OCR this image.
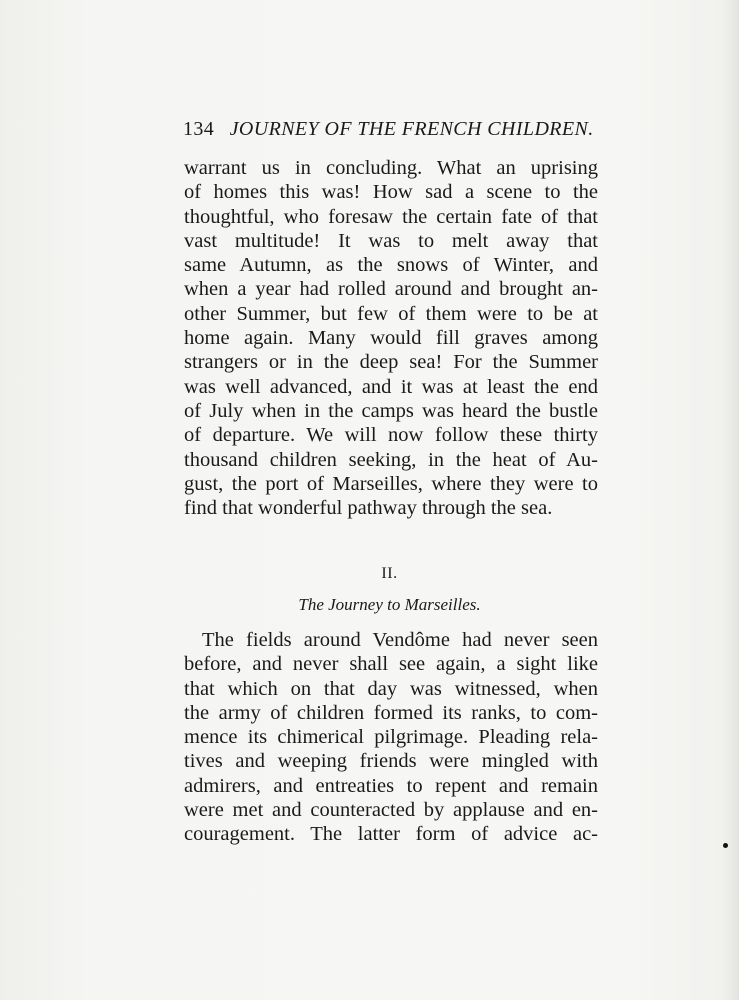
134 JOURNEY OF THE FRENCH CHILDREN.
warrant us in concluding. What an uprising
of homes this was! How sad a scene to the
thoughtful, who foresaw the certain fate of that
vast multitude! It was to melt away that
same Autumn, as the snows of Winter, and
when a year had rolled around and brought an-
other Summer, but few of them were to be at
home again. Many would fill graves among
strangers or in the deep sea! For the Summer
was well advanced, and it was at least the end
of July when in the camps was heard the bustle
of departure. We will now follow these thirty
thousand children seeking, in the heat of Au-
gust, the port of Marseilles, where they were to
find that wonderful pathway through the sea.
II.
The Journey to Marseilles.
The fields around Vendôme had never seen
before, and never shall see again, a sight like
that which on that day was witnessed, when
the army of children formed its ranks, to com-
mence its chimerical pilgrimage. Pleading rela-
tives and weeping friends were mingled with
admirers, and entreaties to repent and remain
were met and counteracted by applause and en-
couragement. The latter form of advice ac-
